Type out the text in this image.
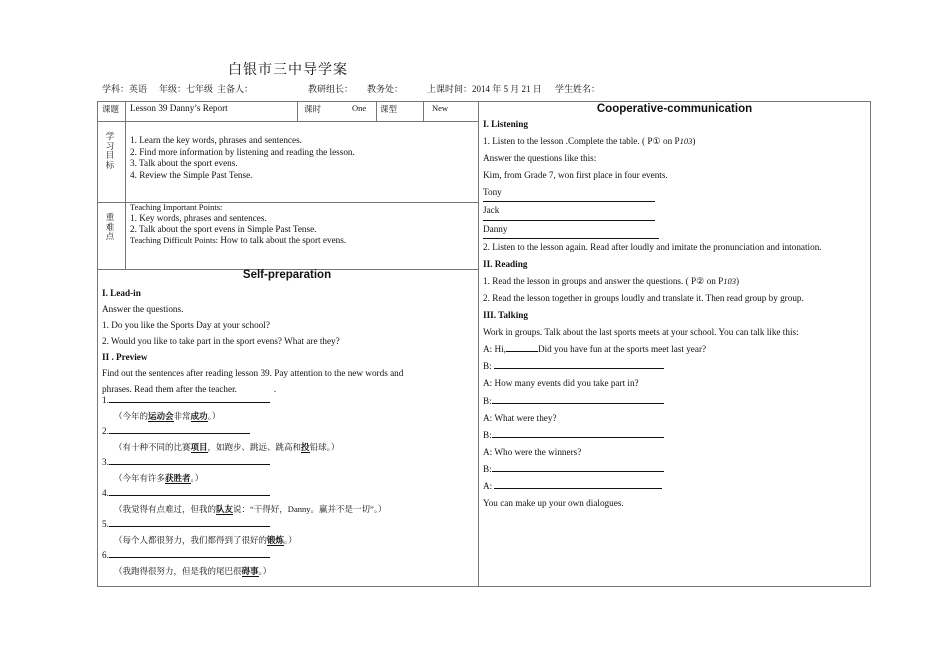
白银市三中导学案
学科：英语 年级：七年级 主备人：	教研组长： 教务处：	上课时间：2014 年 5 月 21 日 学生姓名：
课题 Lesson 39 Danny’s Report	课时	One 课型	New
学
习
目
标
1. Learn the key words, phrases and sentences.
2. Find more information by listening and reading the lesson.
3. Talk about the sport evens.
4. Review the Simple Past Tense.
重
难
点
Teaching Important Points:
1. Key words, phrases and sentences.
2. Talk about the sport evens in Simple Past Tense.
Teaching Difficult Points: How to talk about the sport evens.
Self-preparation
I. Lead-in
Answer the questions.
1. Do you like the Sports Day at your school?
2. Would you like to take part in the sport evens? What are they?
II . Preview
Find out the sentences after reading lesson 39. Pay attention to the new words and
phrases. Read them after the teacher.                .
1.
（今年的运动会非常成功。）
2.
（有十种不同的比赛项目，如跑步、跳远、跳高和投铅球。）
3.
（今年有许多获胜者。）
4.
（我觉得有点难过，但我的队友说：“干得好，Danny。赢并不是一切”。）
5.
（每个人都很努力，我们都得到了很好的锻炼。）
6.
（我跑得很努力，但是我的尾巴很碍事。）
Cooperative-communication
I. Listening
1. Listen to the lesson .Complete the table. ( P① on P103)
Answer the questions like this:
Kim, from Grade 7, won first place in four events.
Tony
Jack
Danny
2. Listen to the lesson again. Read after loudly and imitate the pronunciation and intonation.
II. Reading
1. Read the lesson in groups and answer the questions. ( P② on P103)
2. Read the lesson together in groups loudly and translate it. Then read group by group.
III. Talking
Work in groups. Talk about the last sports meets at your school. You can talk like this:
A: Hi,	Did you have fun at the sports meet last year?
B:
A: How many events did you take part in?
B:
A: What were they?
B:
A: Who were the winners?
B:
A:
You can make up your own dialogues.
